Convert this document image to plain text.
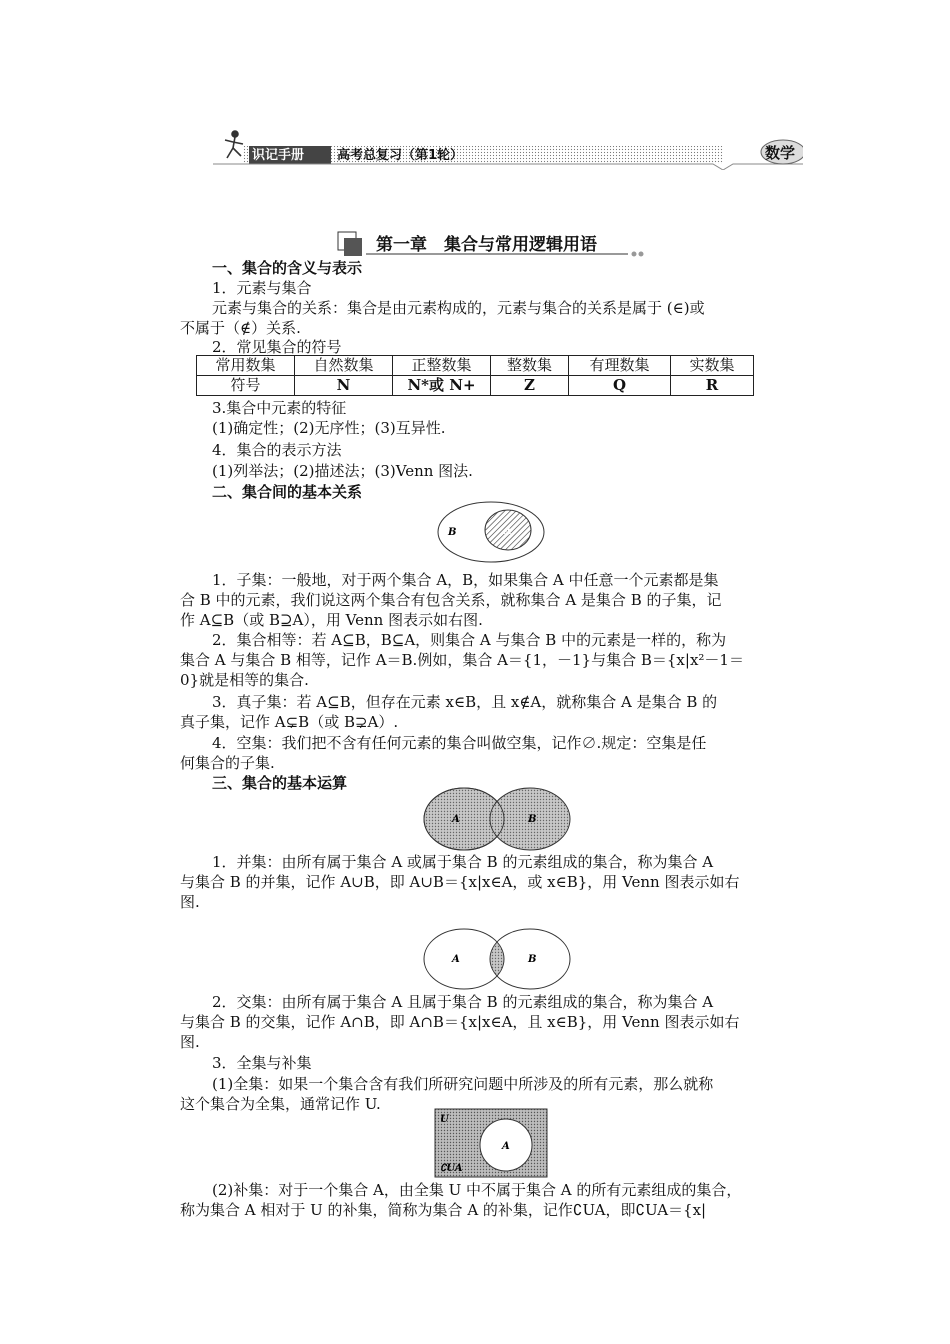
识记手册	高考总复习（第1轮）	数学
第一章　集合与常用逻辑用语
一、集合的含义与表示
1．元素与集合
元素与集合的关系：集合是由元素构成的，元素与集合的关系是属于 (∈)或
不属于（∉）关系.
2．常见集合的符号
常用数集	自然数集	正整数集	整数集	有理数集	实数集
符号	N	N*或 N+	Z	Q	R
3.集合中元素的特征
(1)确定性；(2)无序性；(3)互异性.
4．集合的表示方法
(1)列举法；(2)描述法；(3)Venn 图法.
二、集合间的基本关系
B	A
1．子集：一般地，对于两个集合 A，B，如果集合 A 中任意一个元素都是集
合 B 中的元素，我们说这两个集合有包含关系，就称集合 A 是集合 B 的子集，记
作 A⊆B（或 B⊇A），用 Venn 图表示如右图.
2．集合相等：若 A⊆B，B⊆A，则集合 A 与集合 B 中的元素是一样的，称为
集合 A 与集合 B 相等，记作 A＝B.例如，集合 A＝{1，－1}与集合 B＝{x|x²－1＝
0}就是相等的集合.
3．真子集：若 A⊆B，但存在元素 x∈B，且 x∉A，就称集合 A 是集合 B 的
真子集，记作 A⊊B（或 B⊋A）.
4．空集：我们把不含有任何元素的集合叫做空集，记作∅.规定：空集是任
何集合的子集.
三、集合的基本运算
A	B
1．并集：由所有属于集合 A 或属于集合 B 的元素组成的集合，称为集合 A
与集合 B 的并集，记作 A∪B，即 A∪B＝{x|x∈A，或 x∈B}，用 Venn 图表示如右
图.
A	B
2．交集：由所有属于集合 A 且属于集合 B 的元素组成的集合，称为集合 A
与集合 B 的交集，记作 A∩B，即 A∩B＝{x|x∈A，且 x∈B}，用 Venn 图表示如右
图.
3．全集与补集
(1)全集：如果一个集合含有我们所研究问题中所涉及的所有元素，那么就称
这个集合为全集，通常记作 U.
U
A
∁UA
(2)补集：对于一个集合 A，由全集 U 中不属于集合 A 的所有元素组成的集合，
称为集合 A 相对于 U 的补集，简称为集合 A 的补集，记作∁UA，即∁UA＝{x|
